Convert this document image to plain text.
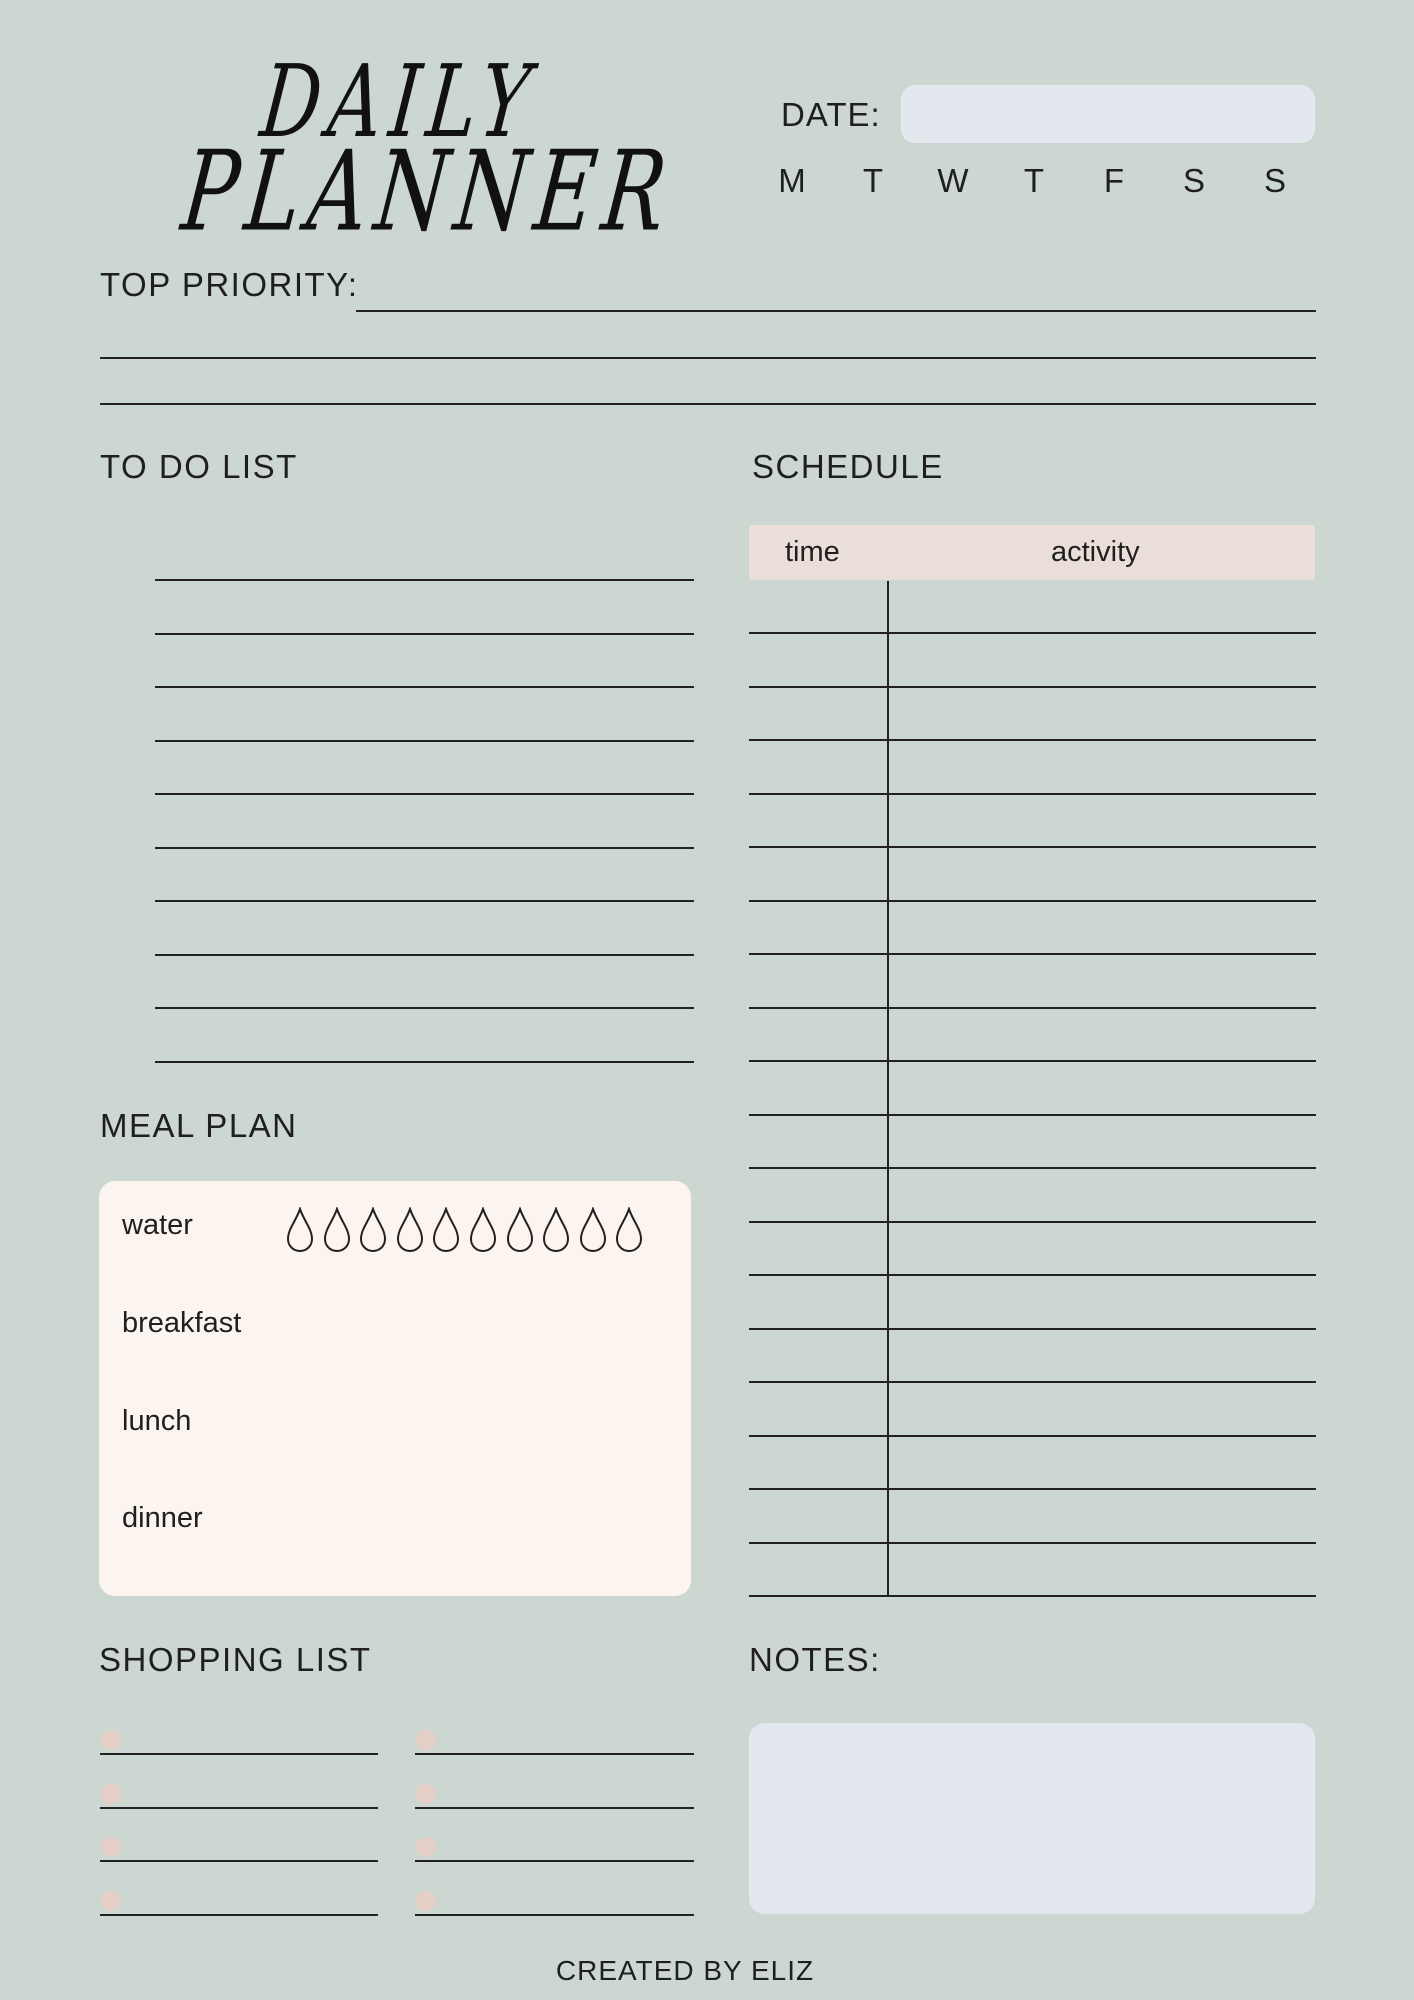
DAILY
PLANNER
DATE:
M	T	W	T	F	S	S
TOP PRIORITY:
TO DO LIST	SCHEDULE
time	activity
MEAL PLAN
water
breakfast
lunch
dinner
SHOPPING LIST	NOTES:
CREATED BY ELIZ
